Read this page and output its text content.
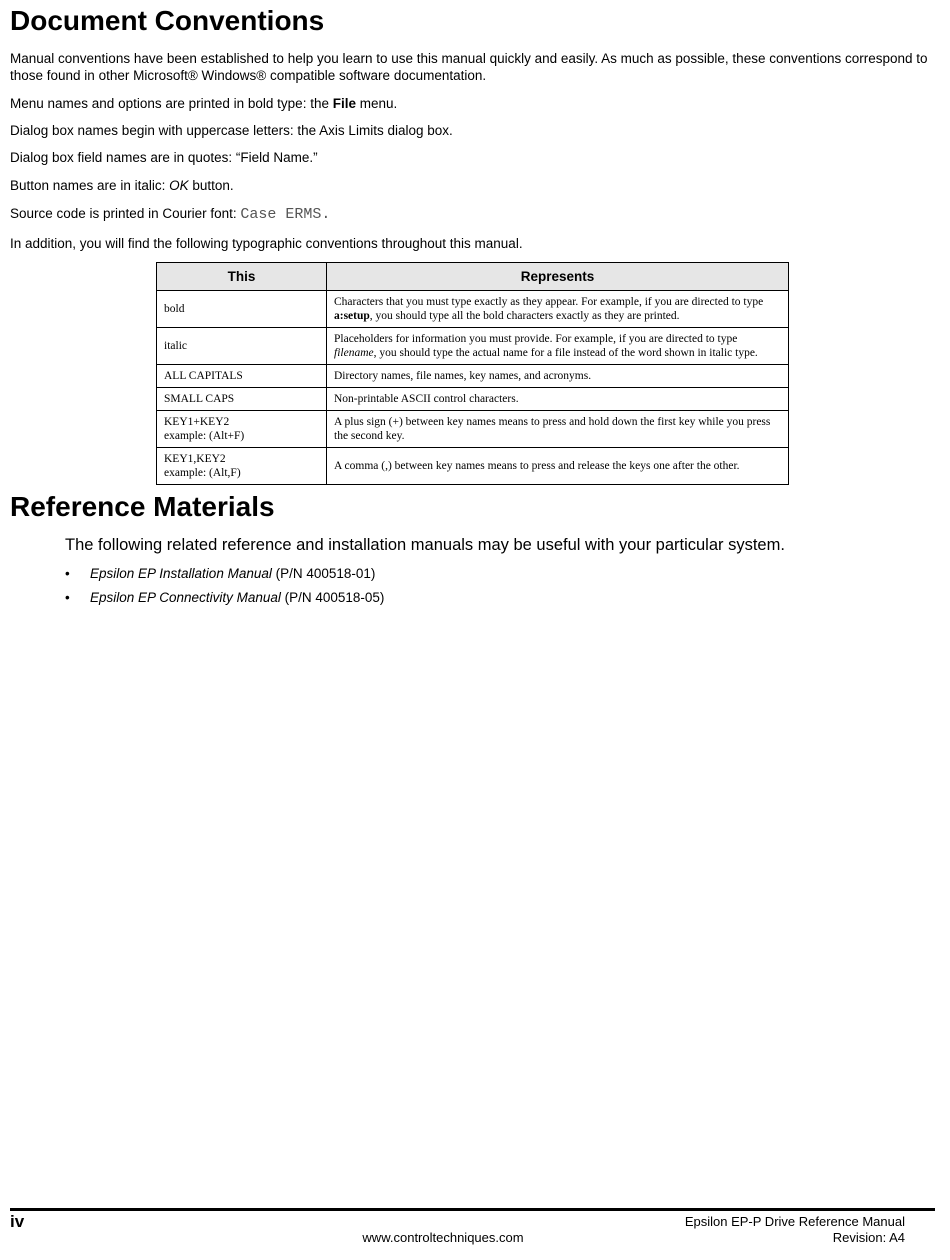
Document Conventions
Manual conventions have been established to help you learn to use this manual quickly and easily. As much as possible, these conventions correspond to those found in other Microsoft® Windows® compatible software documentation.
Menu names and options are printed in bold type: the File menu.
Dialog box names begin with uppercase letters: the Axis Limits dialog box.
Dialog box field names are in quotes: “Field Name.”
Button names are in italic: OK button.
Source code is printed in Courier font: Case ERMS.
In addition, you will find the following typographic conventions throughout this manual.
This	Represents
bold	Characters that you must type exactly as they appear. For example, if you are directed to type a:setup, you should type all the bold characters exactly as they are printed.
italic	Placeholders for information you must provide. For example, if you are directed to type filename, you should type the actual name for a file instead of the word shown in italic type.
ALL CAPITALS	Directory names, file names, key names, and acronyms.
SMALL CAPS	Non-printable ASCII control characters.
KEY1+KEY2
example: (Alt+F)	A plus sign (+) between key names means to press and hold down the first key while you press the second key.
KEY1,KEY2
example: (Alt,F)	A comma (,) between key names means to press and release the keys one after the other.
Reference Materials
The following related reference and installation manuals may be useful with your particular system.
• Epsilon EP Installation Manual (P/N 400518-01)
• Epsilon EP Connectivity Manual (P/N 400518-05)
iv	Epsilon EP-P Drive Reference Manual
www.controltechniques.com	Revision: A4
